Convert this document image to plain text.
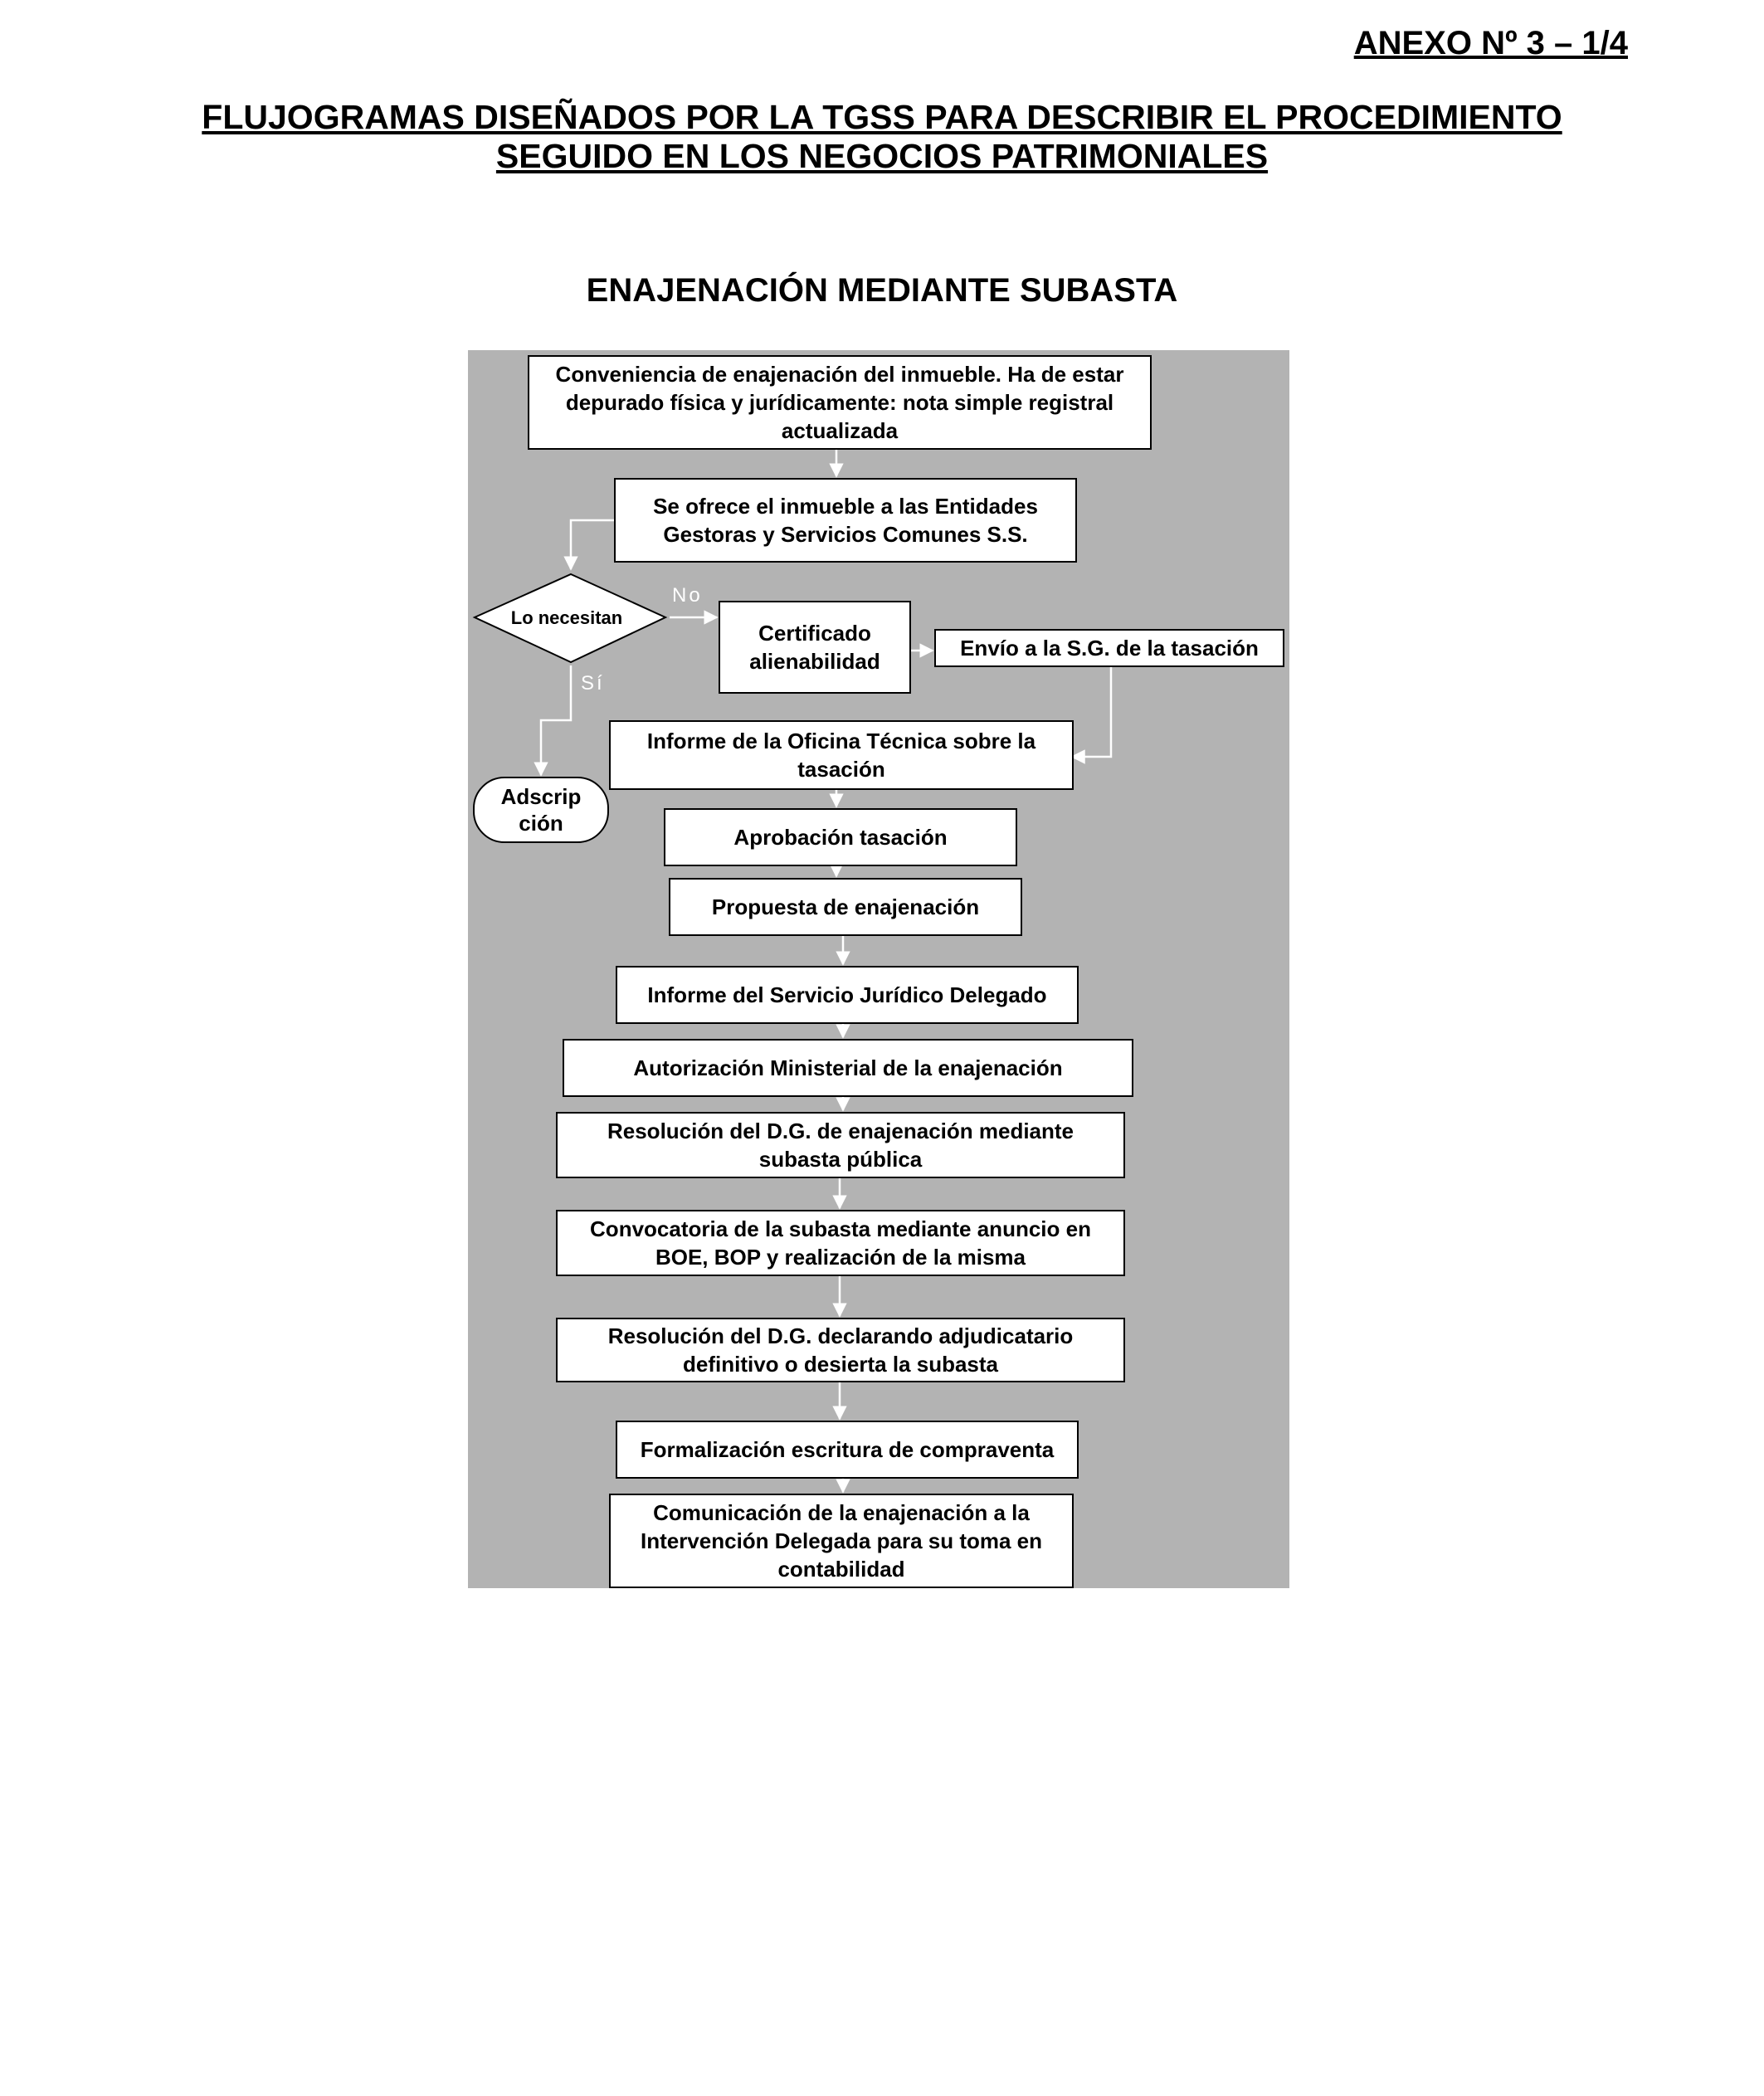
ANEXO Nº 3 – 1/4
FLUJOGRAMAS DISEÑADOS POR LA TGSS PARA DESCRIBIR EL PROCEDIMIENTO
SEGUIDO EN LOS NEGOCIOS PATRIMONIALES
ENAJENACIÓN MEDIANTE SUBASTA
Conveniencia de enajenación del inmueble. Ha de estar depurado física y jurídicamente: nota simple registral actualizada
Se ofrece el inmueble a las Entidades Gestoras y Servicios Comunes S.S.
Lo necesitan
No
Sí
Certificado alienabilidad
Envío a la S.G. de la tasación
Informe de la Oficina Técnica sobre la tasación
Adscrip
ción
Aprobación tasación
Propuesta de enajenación
Informe del Servicio Jurídico Delegado
Autorización Ministerial de la enajenación
Resolución del D.G. de enajenación mediante subasta pública
Convocatoria de la subasta mediante anuncio en BOE, BOP y realización de la misma
Resolución del D.G. declarando adjudicatario definitivo o desierta la subasta
Formalización escritura de compraventa
Comunicación de la enajenación a la Intervención Delegada para su toma en contabilidad
